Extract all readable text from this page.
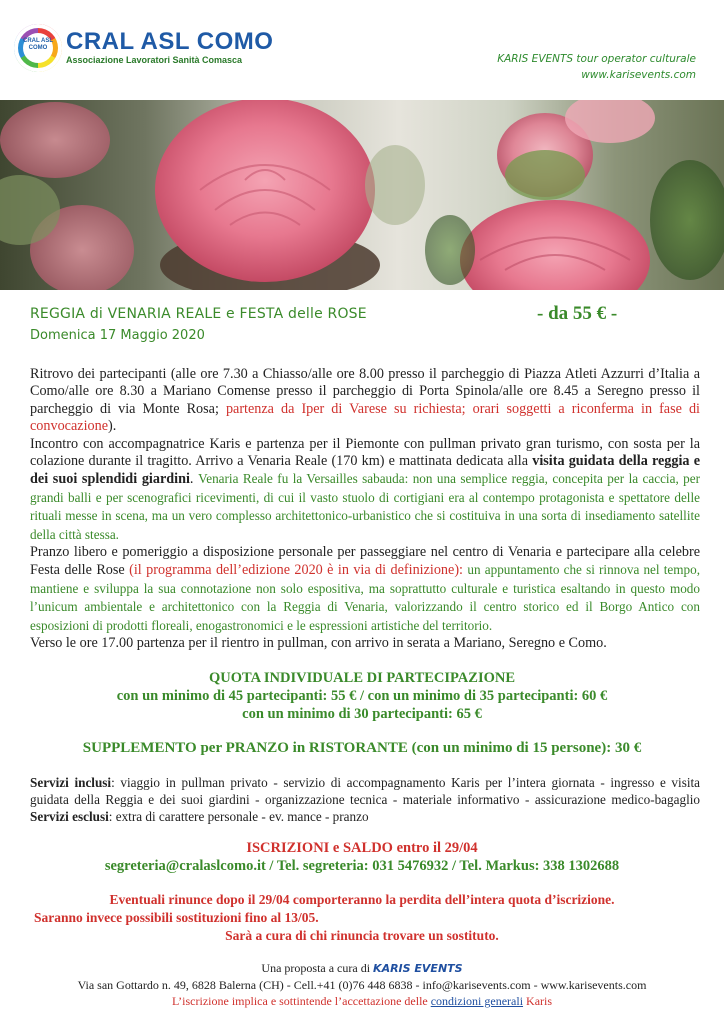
CRAL ASL COMO CRAL ASL COMO
Associazione Lavoratori Sanità Comasca	KARIS EVENTS tour operator culturale
www.karisevents.com
REGGIA di VENARIA REALE e FESTA delle ROSE	- da 55 € -
Domenica 17 Maggio 2020

Ritrovo dei partecipanti (alle ore 7.30 a Chiasso/alle ore 8.00 presso il parcheggio di Piazza Atleti Azzurri d’Italia a Como/alle ore 8.30 a Mariano Comense presso il parcheggio di Porta Spinola/alle ore 8.45 a Seregno presso il parcheggio di via Monte Rosa; partenza da Iper di Varese su richiesta; orari soggetti a riconferma in fase di convocazione).

Incontro con accompagnatrice Karis e partenza per il Piemonte con pullman privato gran turismo, con sosta per la colazione durante il tragitto. Arrivo a Venaria Reale (170 km) e mattinata dedicata alla visita guidata della reggia e dei suoi splendidi giardini. Venaria Reale fu la Versailles sabauda: non una semplice reggia, concepita per la caccia, per grandi balli e per scenografici ricevimenti, di cui il vasto stuolo di cortigiani era al contempo protagonista e spettatore delle rituali messe in scena, ma un vero complesso architettonico-urbanistico che si costituiva in una sorta di insediamento satellite della città stessa.

Pranzo libero e pomeriggio a disposizione personale per passeggiare nel centro di Venaria e partecipare alla celebre Festa delle Rose (il programma dell’edizione 2020 è in via di definizione): un appuntamento che si rinnova nel tempo, mantiene e sviluppa la sua connotazione non solo espositiva, ma soprattutto culturale e turistica esaltando in questo modo l’unicum ambientale e architettonico con la Reggia di Venaria, valorizzando il centro storico ed il Borgo Antico con esposizioni di prodotti floreali, enogastronomici e le espressioni artistiche del territorio.

Verso le ore 17.00 partenza per il rientro in pullman, con arrivo in serata a Mariano, Seregno e Como.

QUOTA INDIVIDUALE DI PARTECIPAZIONE
con un minimo di 45 partecipanti: 55 € / con un minimo di 35 partecipanti: 60 €
con un minimo di 30 partecipanti: 65 €
SUPPLEMENTO per PRANZO in RISTORANTE (con un minimo di 15 persone): 30 €
Servizi inclusi: viaggio in pullman privato - servizio di accompagnamento Karis per l’intera giornata - ingresso e visita guidata della Reggia e dei suoi giardini - organizzazione tecnica - materiale informativo - assicurazione medico-bagaglio Servizi esclusi: extra di carattere personale - ev. mance - pranzo
ISCRIZIONI e SALDO entro il 29/04
segreteria@cralaslcomo.it / Tel. segreteria: 031 5476932 / Tel. Markus: 338 1302688
Eventuali rinunce dopo il 29/04 comporteranno la perdita dell’intera quota d’iscrizione.
Saranno invece possibili sostituzioni fino al 13/05.
Sarà a cura di chi rinuncia trovare un sostituto.
Una proposta a cura di KARIS EVENTS
Via san Gottardo n. 49, 6828 Balerna (CH) - Cell.+41 (0)76 448 6838 - info@karisevents.com - www.karisevents.com
L’iscrizione implica e sottintende l’accettazione delle condizioni generali Karis
